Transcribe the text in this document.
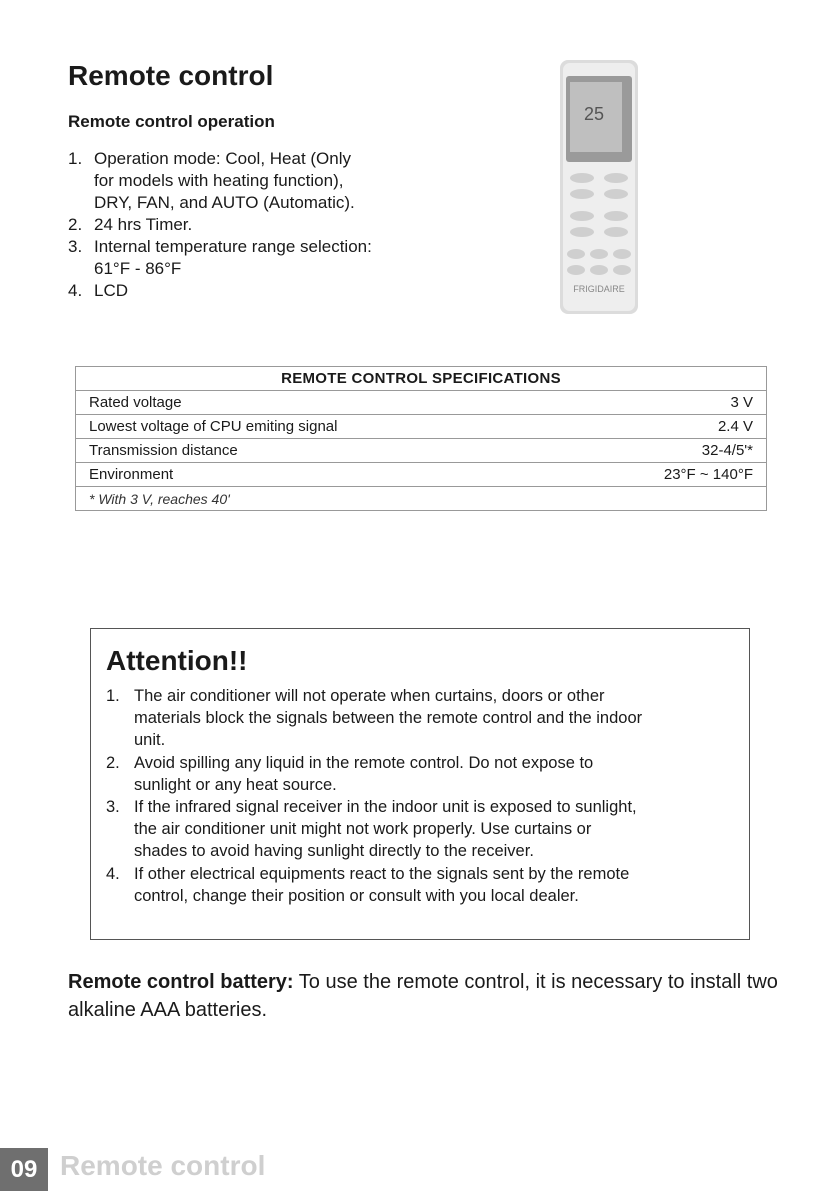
Remote control
Remote control operation
1. Operation mode: Cool, Heat (Only
for models with heating function),
DRY, FAN, and AUTO (Automatic).
2. 24 hrs Timer.
3. Internal temperature range selection:
61°F - 86°F
4. LCD
25
FRIGIDAIRE
REMOTE CONTROL SPECIFICATIONS	
Rated voltage	3 V
Lowest voltage of CPU emiting signal	2.4 V
Transmission distance	32-4/5'*
Environment	23°F ~ 140°F
* With 3 V, reaches 40'	
Attention!!
1. The air conditioner will not operate when curtains, doors or other
materials block the signals between the remote control and the indoor
unit.
2. Avoid spilling any liquid in the remote control. Do not expose to
sunlight or any heat source.
3. If the infrared signal receiver in the indoor unit is exposed to sunlight,
the air conditioner unit might not work properly. Use curtains or
shades to avoid having sunlight directly to the receiver.
4. If other electrical equipments react to the signals sent by the remote
control, change their position or consult with you local dealer.

Remote control battery: To use the remote control, it is necessary to install two alkaline AAA batteries.

09 Remote control
